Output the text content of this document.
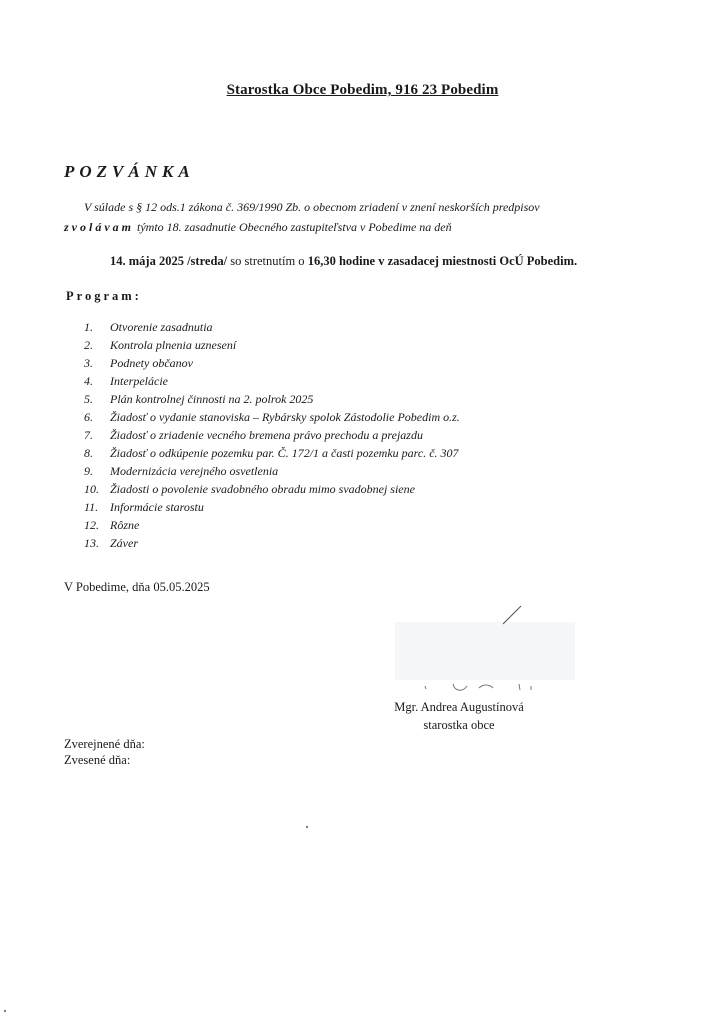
Starostka Obce Pobedim, 916 23 Pobedim
POZVÁNKA
V súlade s § 12 ods.1 zákona č. 369/1990 Zb. o obecnom zriadení v znení neskorších predpisov
zvolávam týmto 18. zasadnutie Obecného zastupiteľstva v Pobedime na deň
14. mája 2025 /streda/ so stretnutím o 16,30 hodine v zasadacej miestnosti OcÚ Pobedim.
Program:
1.	Otvorenie zasadnutia
2.	Kontrola plnenia uznesení
3.	Podnety občanov
4.	Interpelácie
5.	Plán kontrolnej činnosti na 2. polrok 2025
6.	Žiadosť o vydanie stanoviska – Rybársky spolok Zástodolie Pobedim o.z.
7.	Žiadosť o zriadenie vecného bremena právo prechodu a prejazdu
8.	Žiadosť o odkúpenie pozemku par. Č. 172/1 a časti pozemku parc. č. 307
9.	Modernizácia verejného osvetlenia
10. Žiadosti o povolenie svadobného obradu mimo svadobnej siene
11. Informácie starostu
12. Rôzne
13. Záver
V Pobedime, dňa 05.05.2025
Mgr. Andrea Augustínová
starostka obce
Zverejnené dňa:
Zvesené dňa:
